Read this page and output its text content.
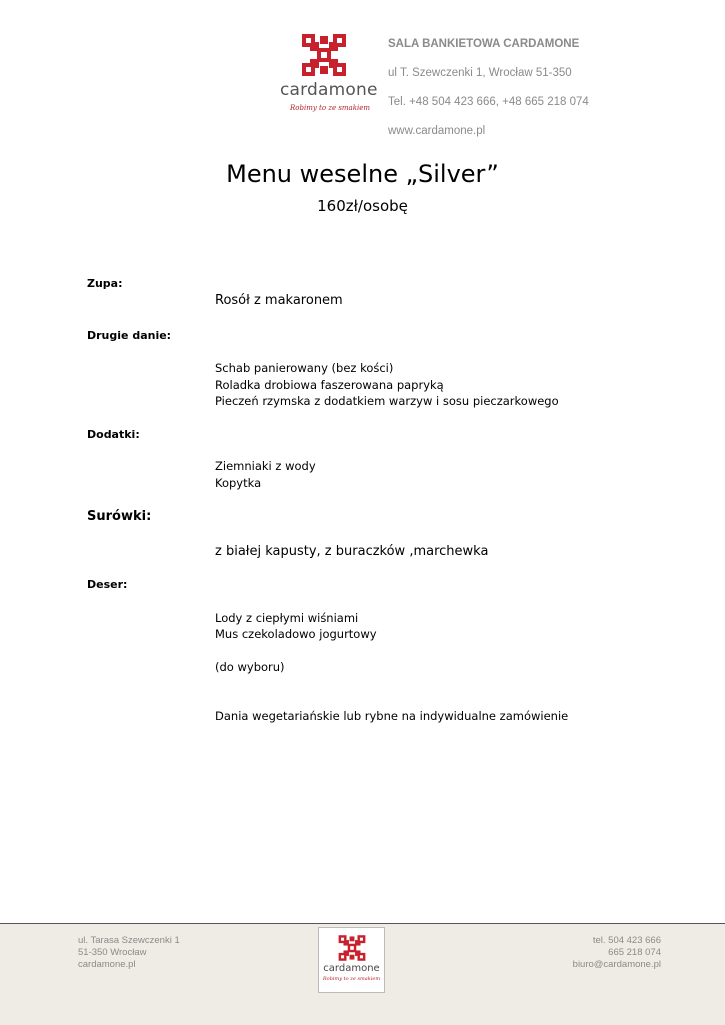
cardamone
Robimy to ze smakiem
SALA BANKIETOWA CARDAMONE
ul T. Szewczenki 1, Wrocław 51-350
Tel. +48 504 423 666, +48 665 218 074
www.cardamone.pl
Menu weselne „Silver”
160zł/osobę
Zupa:
Rosół z makaronem
Drugie danie:
Schab panierowany (bez kości)
Roladka drobiowa faszerowana papryką
Pieczeń rzymska z dodatkiem warzyw i sosu pieczarkowego
Dodatki:
Ziemniaki z wody
Kopytka
Surówki:
z białej kapusty, z buraczków ,marchewka
Deser:
Lody z ciepłymi wiśniami
Mus czekoladowo jogurtowy
(do wyboru)
Dania wegetariańskie lub rybne na indywidualne zamówienie
ul. Tarasa Szewczenki 1
51-350 Wrocław
cardamone.pl	cardamone
Robimy to ze smakiem
tel. 504 423 666
665 218 074
biuro@cardamone.pl
